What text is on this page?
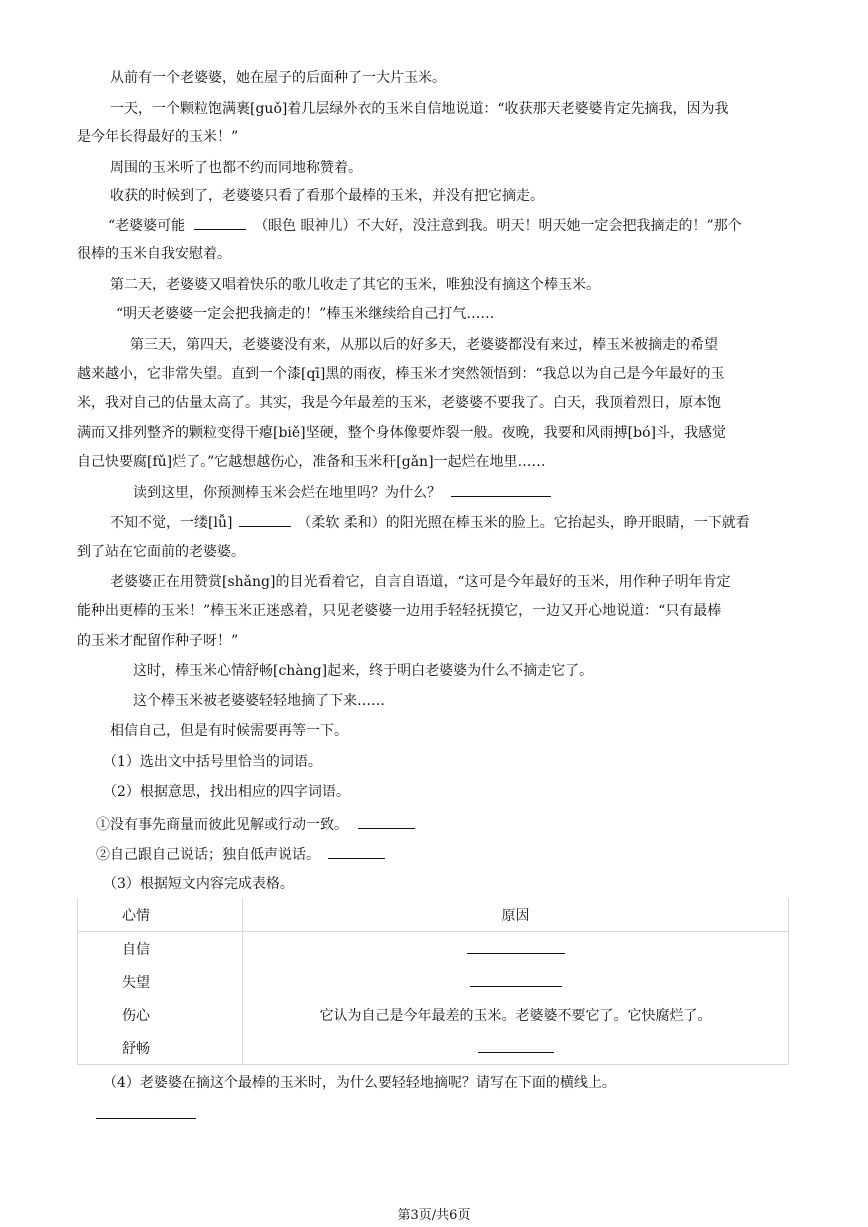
从前有一个老婆婆，她在屋子的后面种了一大片玉米。
一天，一个颗粒饱满裹[guǒ]着几层绿外衣的玉米自信地说道：“收获那天老婆婆肯定先摘我，因为我
是今年长得最好的玉米！”
周围的玉米听了也都不约而同地称赞着。
收获的时候到了，老婆婆只看了看那个最棒的玉米，并没有把它摘走。
“老婆婆可能	（眼色 眼神儿）不大好，没注意到我。明天！明天她一定会把我摘走的！”那个
很棒的玉米自我安慰着。
第二天，老婆婆又唱着快乐的歌儿收走了其它的玉米，唯独没有摘这个棒玉米。
“明天老婆婆一定会把我摘走的！”棒玉米继续给自己打气……
第三天，第四天，老婆婆没有来，从那以后的好多天，老婆婆都没有来过，棒玉米被摘走的希望
越来越小，它非常失望。直到一个漆[qī]黑的雨夜，棒玉米才突然领悟到：“我总以为自己是今年最好的玉
米，我对自己的估量太高了。其实，我是今年最差的玉米，老婆婆不要我了。白天，我顶着烈日，原本饱
满而又排列整齐的颗粒变得干瘪[biě]坚硬，整个身体像要炸裂一般。夜晚，我要和风雨搏[bó]斗，我感觉
自己快要腐[fǔ]烂了。”它越想越伤心，准备和玉米秆[gǎn]一起烂在地里……
读到这里，你预测棒玉米会烂在地里吗？为什么？
不知不觉，一缕[lǚ]	（柔软 柔和）的阳光照在棒玉米的脸上。它抬起头，睁开眼睛，一下就看
到了站在它面前的老婆婆。
老婆婆正在用赞赏[shǎng]的目光看着它，自言自语道，“这可是今年最好的玉米，用作种子明年肯定
能种出更棒的玉米！”棒玉米正迷惑着，只见老婆婆一边用手轻轻抚摸它，一边又开心地说道：“只有最棒
的玉米才配留作种子呀！”
这时，棒玉米心情舒畅[chàng]起来，终于明白老婆婆为什么不摘走它了。
这个棒玉米被老婆婆轻轻地摘了下来……
相信自己，但是有时候需要再等一下。
（1）选出文中括号里恰当的词语。
（2）根据意思，找出相应的四字词语。
①没有事先商量而彼此见解或行动一致。
②自己跟自己说话；独自低声说话。
（3）根据短文内容完成表格。
心情	原因
自信	
失望	
伤心	它认为自己是今年最差的玉米。老婆婆不要它了。它快腐烂了。
舒畅	
（4）老婆婆在摘这个最棒的玉米时，为什么要轻轻地摘呢？请写在下面的横线上。
第3页/共6页
